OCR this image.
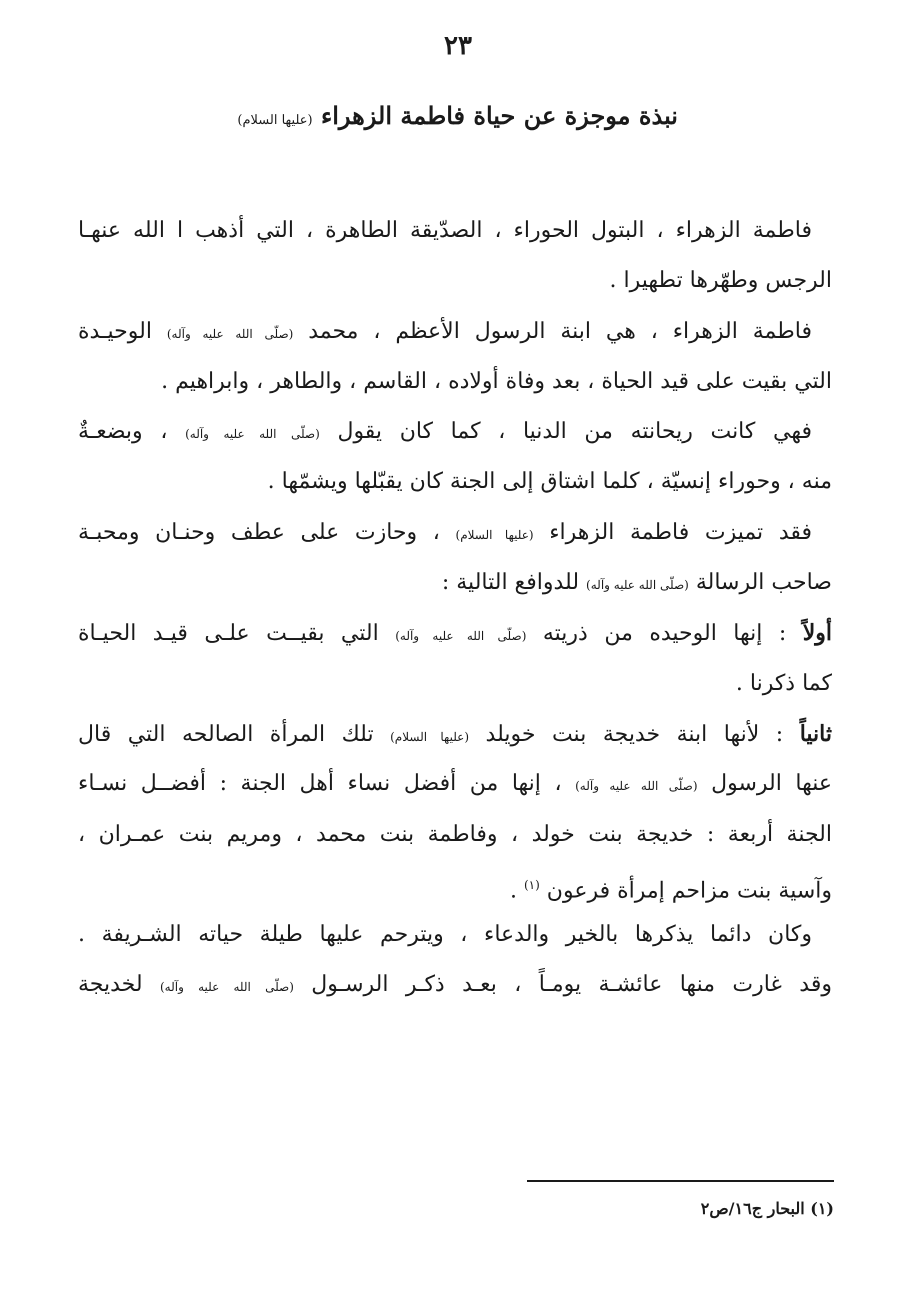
٢٣
نبذة موجزة عن حياة فاطمة الزهراء (عليها السلام)
فاطمة الزهراء ، البتول الحوراء ، الصدّيقة الطاهرة ، التي أذهب ا الله عنهـا
الرجس وطهّرها تطهيرا .
فاطمة الزهراء ، هي ابنة الرسول الأعظم ، محمد (صلّى الله عليه وآله) الوحيـدة
التي بقيت على قيد الحياة ، بعد وفاة أولاده ، القاسم ، والطاهر ، وابراهيم .
فهي كانت ريحانته من الدنيا ، كما كان يقول (صلّى الله عليه وآله) ، وبضعـةٌ
منه ، وحوراء إنسيّة ، كلما اشتاق إلى الجنة كان يقبّلها ويشمّها .
فقد تميزت فاطمة الزهراء (عليها السلام) ، وحازت على عطف وحنـان ومحبـة
صاحب الرسالة (صلّى الله عليه وآله) للدوافع التالية :
أولاً : إنها الوحيده من ذريته (صلّى الله عليه وآله) التي بقيــت علـى قيـد الحيـاة
كما ذكرنا .
ثانياً : لأنها ابنة خديجة بنت خويلد (عليها السلام) تلك المرأة الصالحه التي قال
عنها الرسول (صلّى الله عليه وآله) ، إنها من أفضل نساء أهل الجنة : أفضــل نسـاء
الجنة أربعة : خديجة بنت خولد ، وفاطمة بنت محمد ، ومريم بنت عمـران ،
وآسية بنت مزاحم إمرأة فرعون $^{(١)}$ .
وكان دائما يذكرها بالخير والدعاء ، ويترحم عليها طيلة حياته الشـريفة .
وقد غارت منها عائشـة يومـاً ، بعـد ذكـر الرسـول (صلّى الله عليه وآله) لخديجة
(١) البحار ج١٦/ص٢
